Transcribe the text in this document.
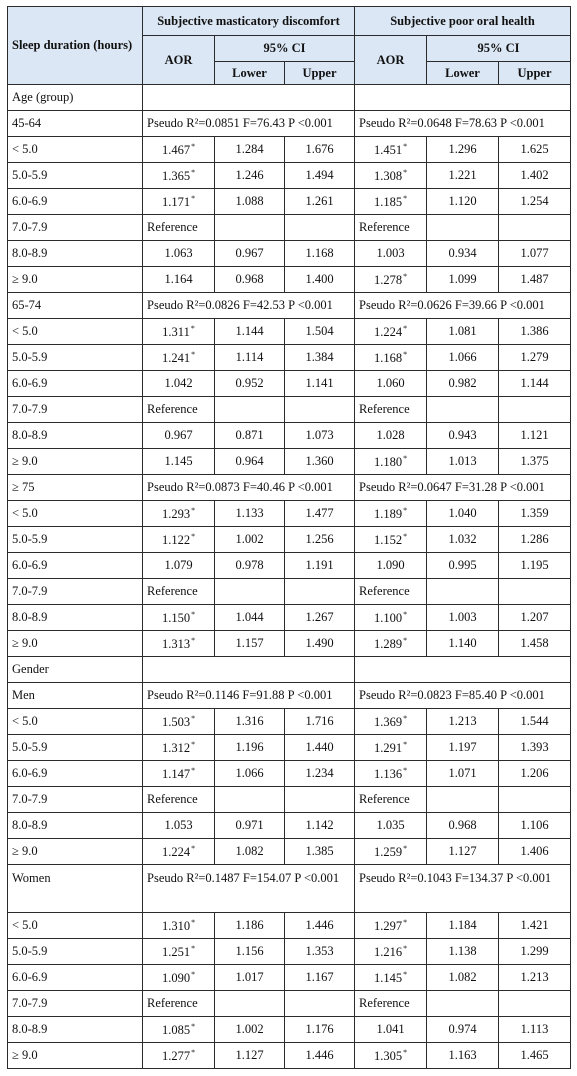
Sleep duration (hours)	Subjective masticatory discomfort			Subjective poor oral health		
	AOR	95% CI		AOR	95% CI	
		Lower	Upper		Lower	Upper
Age (group)						
45-64	Pseudo R²=0.0851 F=76.43 P <0.001			Pseudo R²=0.0648 F=78.63 P <0.001		
< 5.0	1.467*	1.284	1.676	1.451*	1.296	1.625
5.0-5.9	1.365*	1.246	1.494	1.308*	1.221	1.402
6.0-6.9	1.171*	1.088	1.261	1.185*	1.120	1.254
7.0-7.9	Reference			Reference		
8.0-8.9	1.063	0.967	1.168	1.003	0.934	1.077
≥ 9.0	1.164	0.968	1.400	1.278*	1.099	1.487
65-74	Pseudo R²=0.0826 F=42.53 P <0.001			Pseudo R²=0.0626 F=39.66 P <0.001		
< 5.0	1.311*	1.144	1.504	1.224*	1.081	1.386
5.0-5.9	1.241*	1.114	1.384	1.168*	1.066	1.279
6.0-6.9	1.042	0.952	1.141	1.060	0.982	1.144
7.0-7.9	Reference			Reference		
8.0-8.9	0.967	0.871	1.073	1.028	0.943	1.121
≥ 9.0	1.145	0.964	1.360	1.180*	1.013	1.375
≥ 75	Pseudo R²=0.0873 F=40.46 P <0.001			Pseudo R²=0.0647 F=31.28 P <0.001		
< 5.0	1.293*	1.133	1.477	1.189*	1.040	1.359
5.0-5.9	1.122*	1.002	1.256	1.152*	1.032	1.286
6.0-6.9	1.079	0.978	1.191	1.090	0.995	1.195
7.0-7.9	Reference			Reference		
8.0-8.9	1.150*	1.044	1.267	1.100*	1.003	1.207
≥ 9.0	1.313*	1.157	1.490	1.289*	1.140	1.458
Gender						
Men	Pseudo R²=0.1146 F=91.88 P <0.001			Pseudo R²=0.0823 F=85.40 P <0.001		
< 5.0	1.503*	1.316	1.716	1.369*	1.213	1.544
5.0-5.9	1.312*	1.196	1.440	1.291*	1.197	1.393
6.0-6.9	1.147*	1.066	1.234	1.136*	1.071	1.206
7.0-7.9	Reference			Reference		
8.0-8.9	1.053	0.971	1.142	1.035	0.968	1.106
≥ 9.0	1.224*	1.082	1.385	1.259*	1.127	1.406
Women	Pseudo R²=0.1487 F=154.07 P <0.001			Pseudo R²=0.1043 F=134.37 P <0.001		
< 5.0	1.310*	1.186	1.446	1.297*	1.184	1.421
5.0-5.9	1.251*	1.156	1.353	1.216*	1.138	1.299
6.0-6.9	1.090*	1.017	1.167	1.145*	1.082	1.213
7.0-7.9	Reference			Reference		
8.0-8.9	1.085*	1.002	1.176	1.041	0.974	1.113
≥ 9.0	1.277*	1.127	1.446	1.305*	1.163	1.465
